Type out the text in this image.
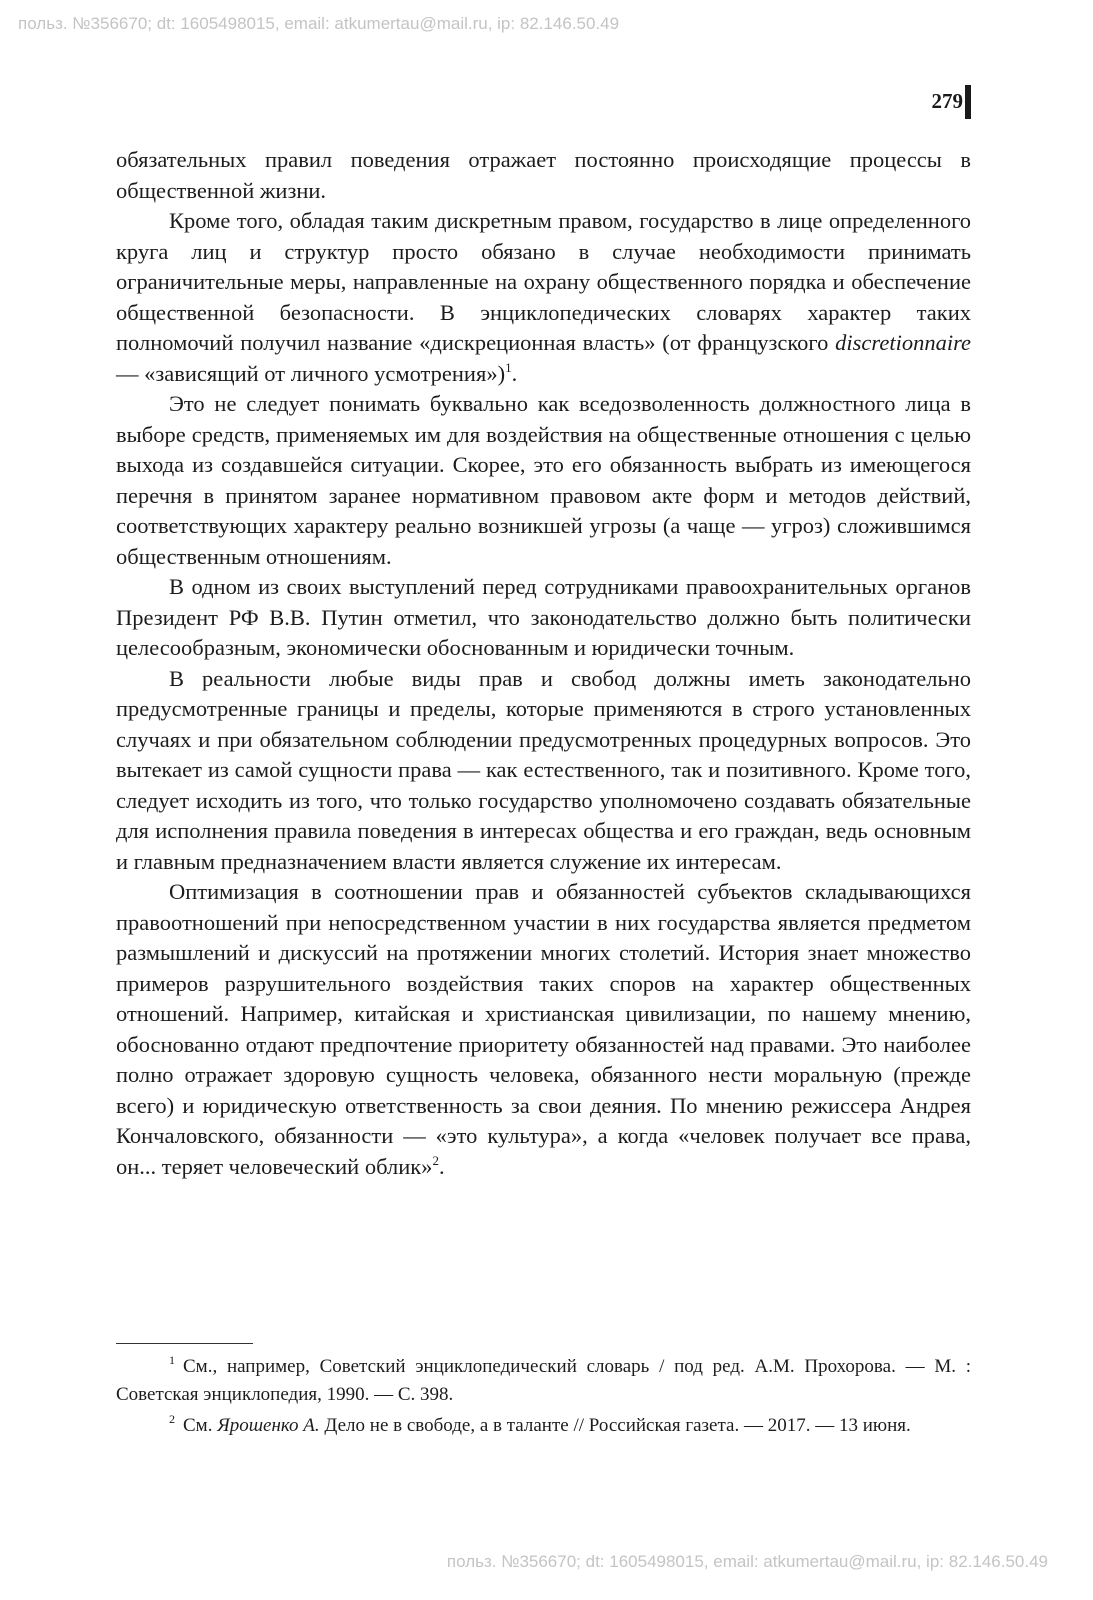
польз. №356670; dt: 1605498015, email: atkumertau@mail.ru, ip: 82.146.50.49
279

обязательных правил поведения отражает постоянно происходящие процессы в общественной жизни.

Кроме того, обладая таким дискретным правом, государство в лице определенного круга лиц и структур просто обязано в случае необходимости принимать ограничительные меры, направленные на охрану общественного порядка и обеспечение общественной безопасности. В энциклопедических словарях характер таких полномочий получил название «дискреционная власть» (от французского discretionnaire — «зависящий от личного усмотрения»)$^1$.

Это не следует понимать буквально как вседозволенность должностного лица в выборе средств, применяемых им для воздействия на общественные отношения с целью выхода из создавшейся ситуации. Скорее, это его обязанность выбрать из имеющегося перечня в принятом заранее нормативном правовом акте форм и методов действий, соответствующих характеру реально возникшей угрозы (а чаще — угроз) сложившимся общественным отношениям.

В одном из своих выступлений перед сотрудниками правоохранительных органов Президент РФ В.В. Путин отметил, что законодательство должно быть политически целесообразным, экономически обоснованным и юридически точным.

В реальности любые виды прав и свобод должны иметь законодательно предусмотренные границы и пределы, которые применяются в строго установленных случаях и при обязательном соблюдении предусмотренных процедурных вопросов. Это вытекает из самой сущности права — как естественного, так и позитивного. Кроме того, следует исходить из того, что только государство уполномочено создавать обязательные для исполнения правила поведения в интересах общества и его граждан, ведь основным и главным предназначением власти является служение их интересам.

Оптимизация в соотношении прав и обязанностей субъектов складывающихся правоотношений при непосредственном участии в них государства является предметом размышлений и дискуссий на протяжении многих столетий. История знает множество примеров разрушительного воздействия таких споров на характер общественных отношений. Например, китайская и христианская цивилизации, по нашему мнению, обоснованно отдают предпочтение приоритету обязанностей над правами. Это наиболее полно отражает здоровую сущность человека, обязанного нести моральную (прежде всего) и юридическую ответственность за свои деяния. По мнению режиссера Андрея Кончаловского, обязанности — «это культура», а когда «человек получает все права, он... теряет человеческий облик»$^2$.

$^1$ См., например, Советский энциклопедический словарь / под ред. А.М. Прохорова. — М. : Советская энциклопедия, 1990. — С. 398.

$^2$ См. Ярошенко А. Дело не в свободе, а в таланте // Российская газета. — 2017. — 13 июня.

польз. №356670; dt: 1605498015, email: atkumertau@mail.ru, ip: 82.146.50.49
